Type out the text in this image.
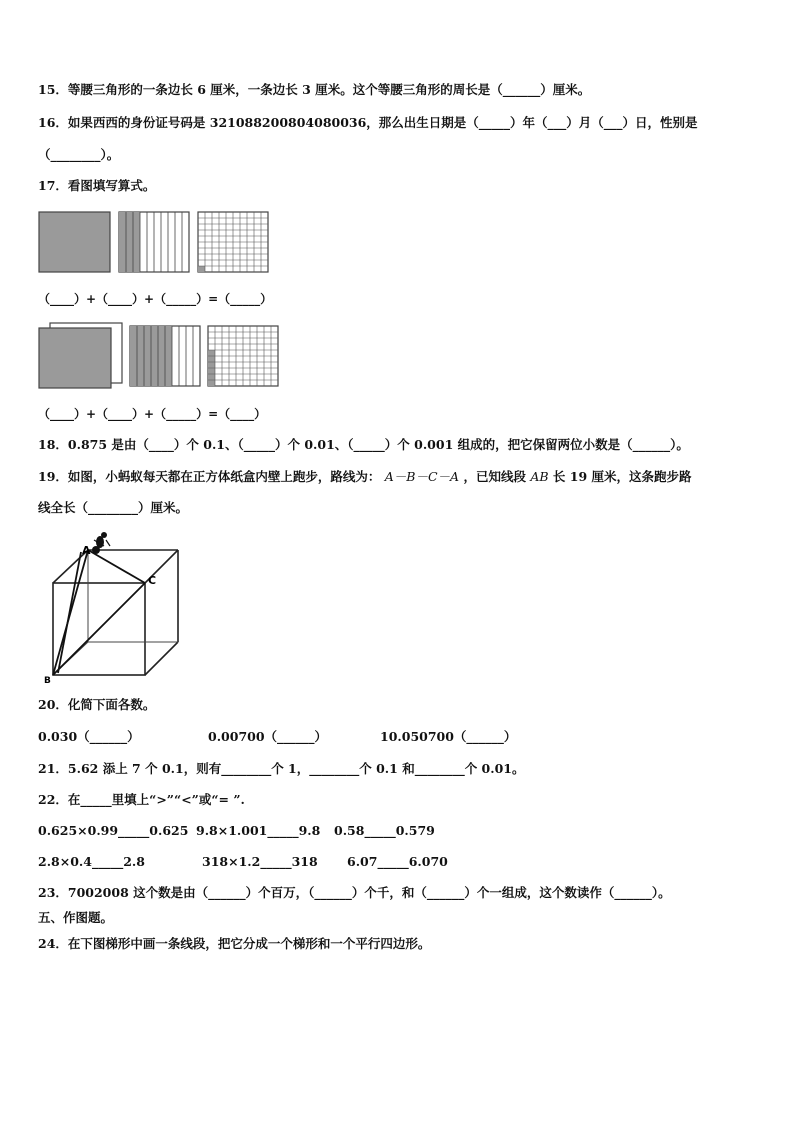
15．等腰三角形的一条边长 6 厘米，一条边长 3 厘米。这个等腰三角形的周长是（______）厘米。
16．如果西西的身份证号码是 321088200804080036，那么出生日期是（_____）年（___）月（___）日，性别是
（________）。
17．看图填写算式。
（____）+（____）+（_____）=（_____）
（____）+（____）+（_____）=（____）
18．0.875 是由（____）个 0.1、（_____）个 0.01、（_____）个 0.001 组成的，把它保留两位小数是（______）。
19．如图，小蚂蚁每天都在正方体纸盒内壁上跑步，路线为： A－B－C－A ，已知线段 AB 长 19 厘米，这条跑步路
线全长（________）厘米。
A
C
B
20．化简下面各数。
0.030（______）	0.00700（______）	10.050700（______）
21．5.62 添上 7 个 0.1，则有________个 1，________个 0.1 和________个 0.01。
22．在_____里填上“>”“<”或“= ”.
0.625×0.99_____0.625 9.8×1.001_____9.8 0.58_____0.579
2.8×0.4_____2.8	318×1.2_____318 6.07_____6.070
23．7002008 这个数是由（______）个百万，（______）个千，和（______）个一组成，这个数读作（______）。
五、作图题。
24．在下图梯形中画一条线段，把它分成一个梯形和一个平行四边形。
